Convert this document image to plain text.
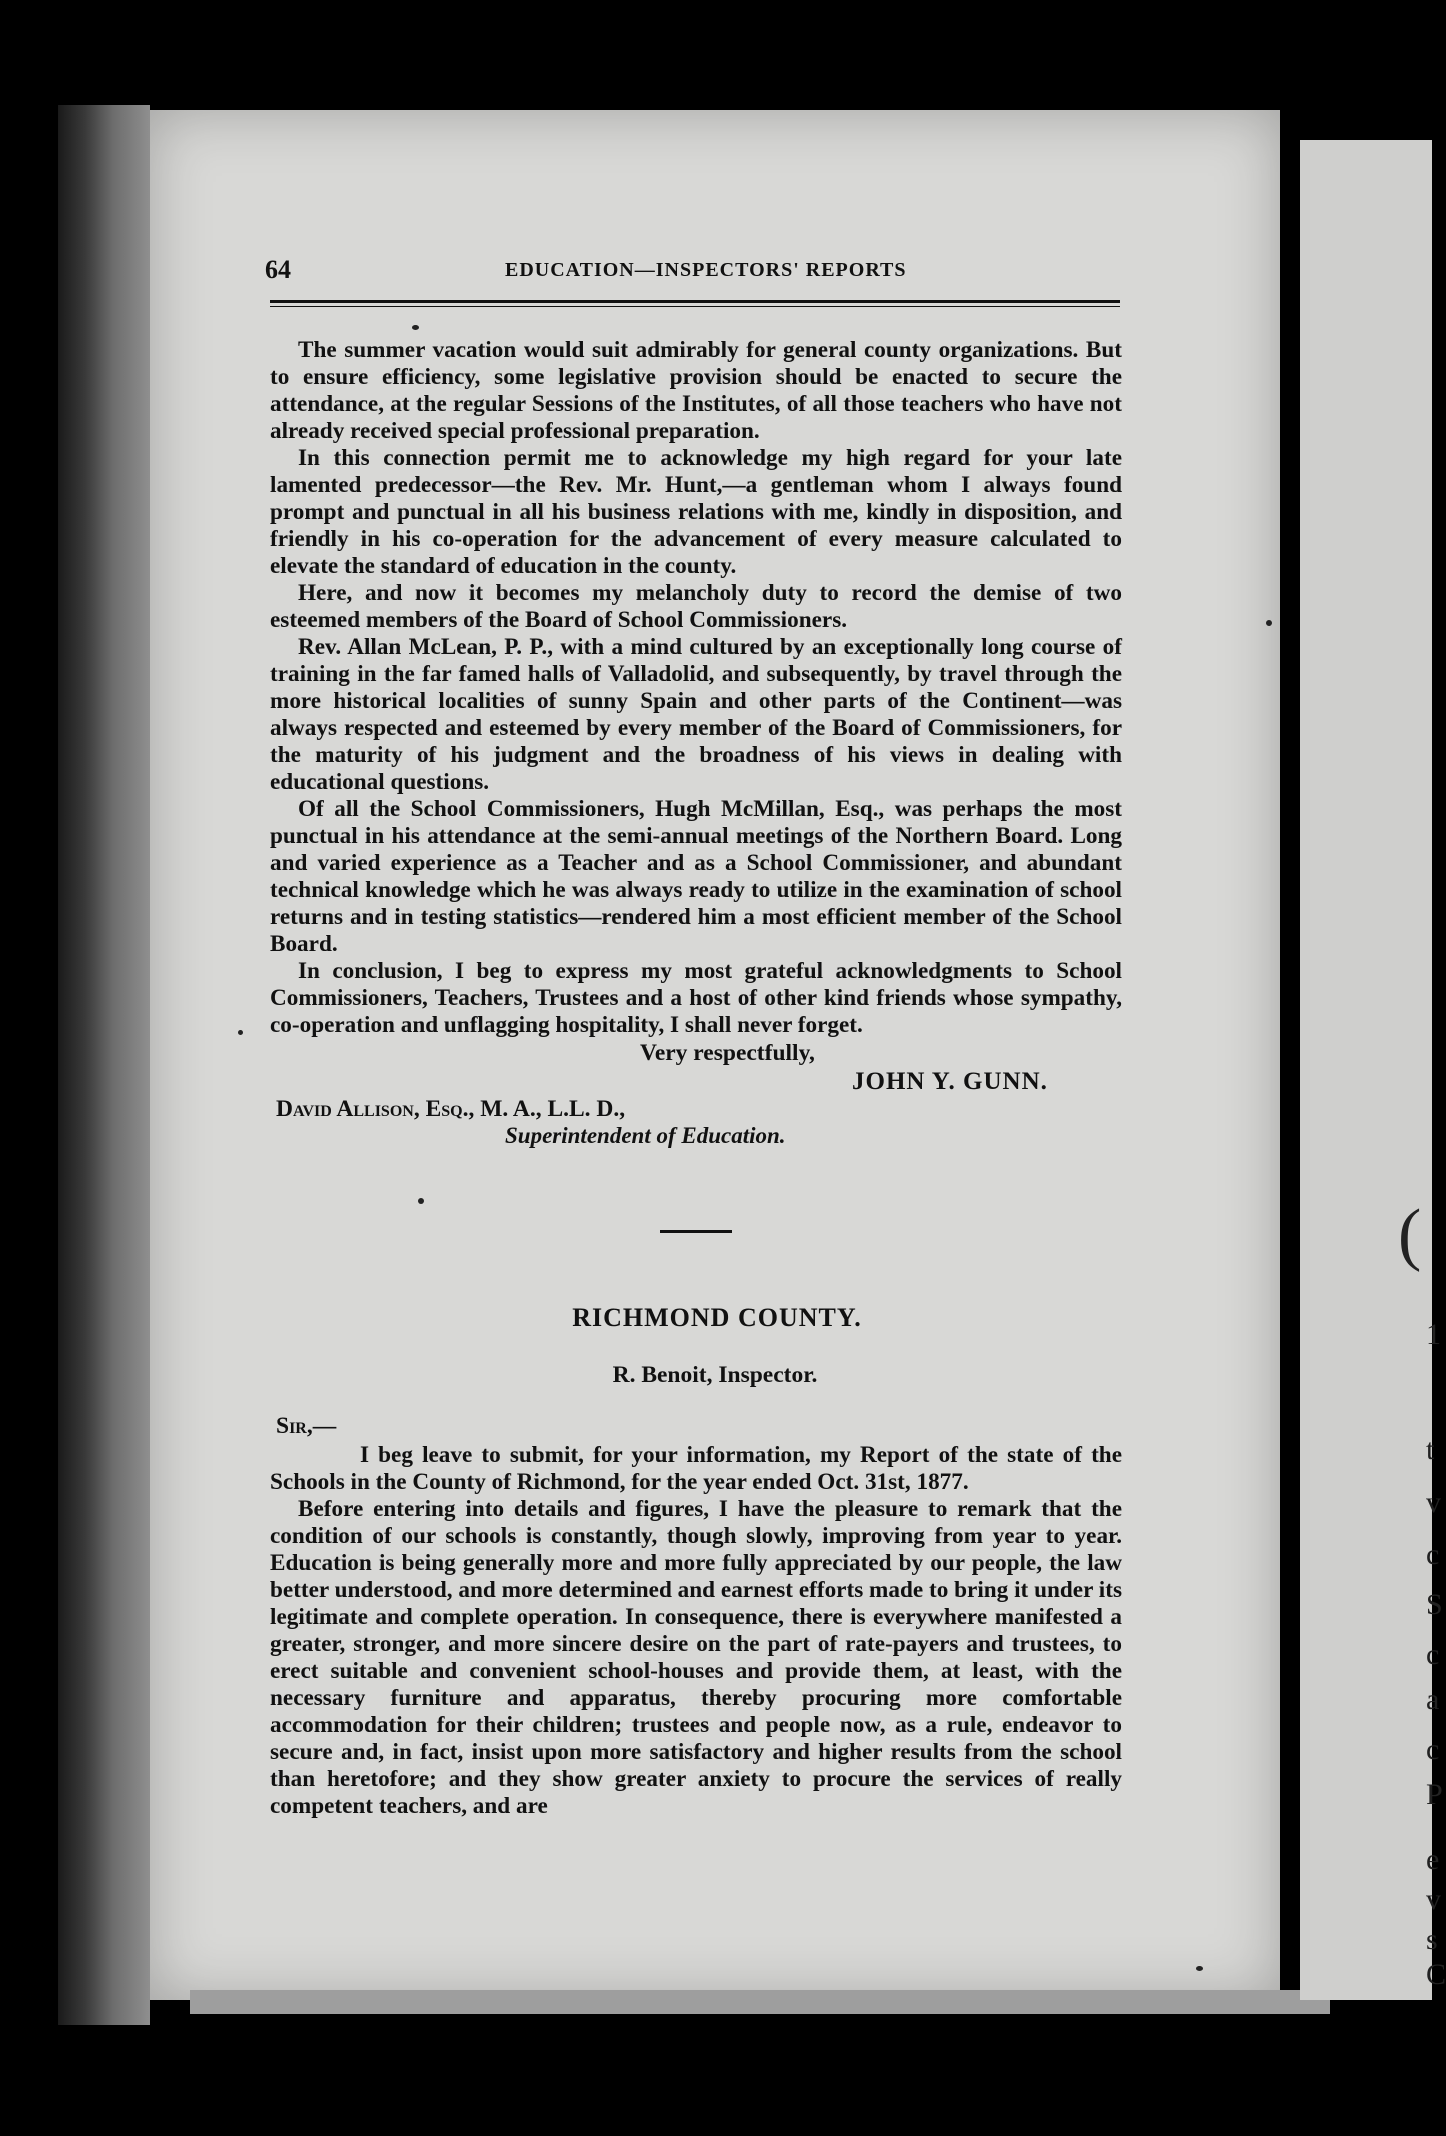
(
1
t
v
c
S
c
a
c
P
e
v
s
C
64	EDUCATION—INSPECTORS' REPORTS

The summer vacation would suit admirably for general county organizations. But to ensure efficiency, some legislative provision should be enacted to secure the attendance, at the regular Sessions of the Institutes, of all those teachers who have not already received special professional preparation.

In this connection permit me to acknowledge my high regard for your late lamented predecessor—the Rev. Mr. Hunt,—a gentleman whom I always found prompt and punctual in all his business relations with me, kindly in disposition, and friendly in his co-operation for the advancement of every measure calculated to elevate the standard of education in the county.

Here, and now it becomes my melancholy duty to record the demise of two esteemed members of the Board of School Commissioners.

Rev. Allan McLean, P. P., with a mind cultured by an exceptionally long course of training in the far famed halls of Valladolid, and subsequently, by travel through the more historical localities of sunny Spain and other parts of the Continent—was always respected and esteemed by every member of the Board of Commissioners, for the maturity of his judgment and the broadness of his views in dealing with educational questions.

Of all the School Commissioners, Hugh McMillan, Esq., was perhaps the most punctual in his attendance at the semi-annual meetings of the Northern Board. Long and varied experience as a Teacher and as a School Commissioner, and abundant technical knowledge which he was always ready to utilize in the examination of school returns and in testing statistics—rendered him a most efficient member of the School Board.

In conclusion, I beg to express my most grateful acknowledgments to School Commissioners, Teachers, Trustees and a host of other kind friends whose sympathy, co-operation and unflagging hospitality, I shall never forget.

Very respectfully,
JOHN Y. GUNN.
David Allison, Esq., M. A., L.L. D.,
Superintendent of Education.
RICHMOND COUNTY.
R. Benoit, Inspector.
Sir,—

I beg leave to submit, for your information, my Report of the state of the Schools in the County of Richmond, for the year ended Oct. 31st, 1877.

Before entering into details and figures, I have the pleasure to remark that the condition of our schools is constantly, though slowly, improving from year to year. Education is being generally more and more fully appreciated by our people, the law better understood, and more determined and earnest efforts made to bring it under its legitimate and complete operation. In consequence, there is everywhere manifested a greater, stronger, and more sincere desire on the part of rate-payers and trustees, to erect suitable and convenient school-houses and provide them, at least, with the necessary furniture and apparatus, thereby procuring more comfortable accommodation for their children; trustees and people now, as a rule, endeavor to secure and, in fact, insist upon more satisfactory and higher results from the school than heretofore; and they show greater anxiety to procure the services of really competent teachers, and are
